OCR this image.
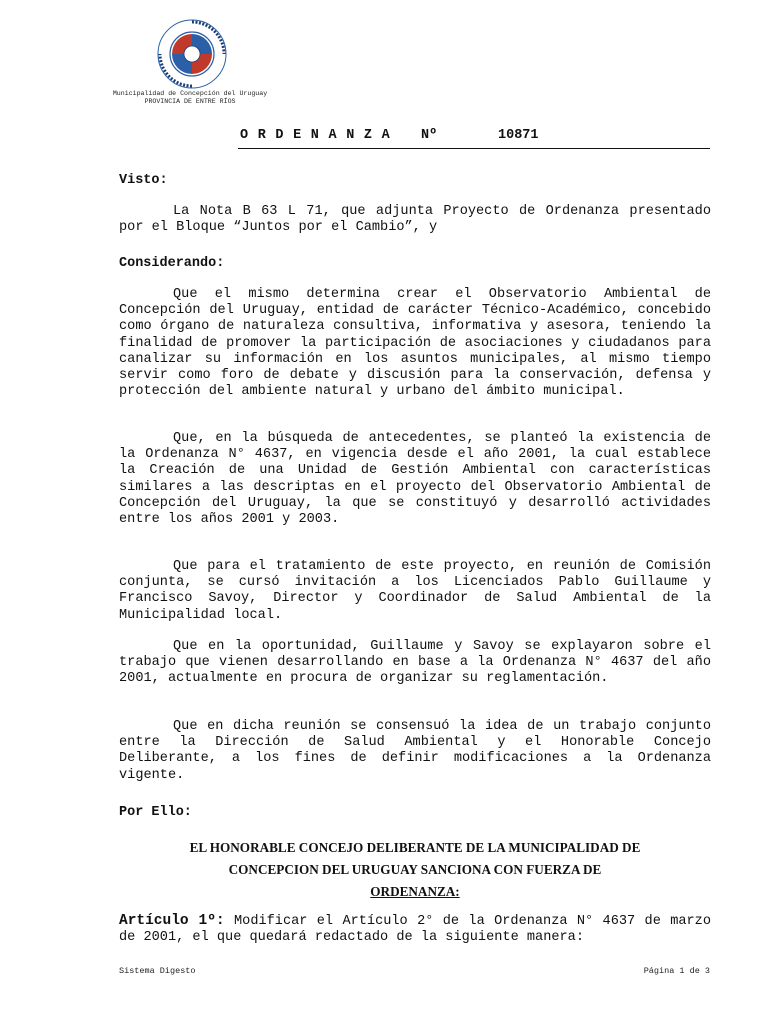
Municipalidad de Concepción del Uruguay
PROVINCIA DE ENTRE RÍOS
ORDENANZA Nº	10871
Visto:
La Nota B 63 L 71, que adjunta Proyecto de Ordenanza presentado por el Bloque “Juntos por el Cambio”, y
Considerando:
Que el mismo determina crear el Observatorio Ambiental de Concepción del Uruguay, entidad de carácter Técnico-Académico, concebido como órgano de naturaleza consultiva, informativa y asesora, teniendo la finalidad de promover la participación de asociaciones y ciudadanos para canalizar su información en los asuntos municipales, al mismo tiempo servir como foro de debate y discusión para la conservación, defensa y protección del ambiente natural y urbano del ámbito municipal.
Que, en la búsqueda de antecedentes, se planteó la existencia de la Ordenanza N° 4637, en vigencia desde el año 2001, la cual establece la Creación de una Unidad de Gestión Ambiental con características similares a las descriptas en el proyecto del Observatorio Ambiental de Concepción del Uruguay, la que se constituyó y desarrolló actividades entre los años 2001 y 2003.
Que para el tratamiento de este proyecto, en reunión de Comisión conjunta, se cursó invitación a los Licenciados Pablo Guillaume y Francisco Savoy, Director y Coordinador de Salud Ambiental de la Municipalidad local.
Que en la oportunidad, Guillaume y Savoy se explayaron sobre el trabajo que vienen desarrollando en base a la Ordenanza N° 4637 del año 2001, actualmente en procura de organizar su reglamentación.
Que en dicha reunión se consensuó la idea de un trabajo conjunto entre la Dirección de Salud Ambiental y el Honorable Concejo Deliberante, a los fines de definir modificaciones a la Ordenanza vigente.
Por Ello:
EL HONORABLE CONCEJO DELIBERANTE DE LA MUNICIPALIDAD DE
CONCEPCION DEL URUGUAY SANCIONA CON FUERZA DE
ORDENANZA:
Artículo 1º: Modificar el Artículo 2° de la Ordenanza N° 4637 de marzo de 2001, el que quedará redactado de la siguiente manera:
Sistema Digesto	Página 1 de 3
